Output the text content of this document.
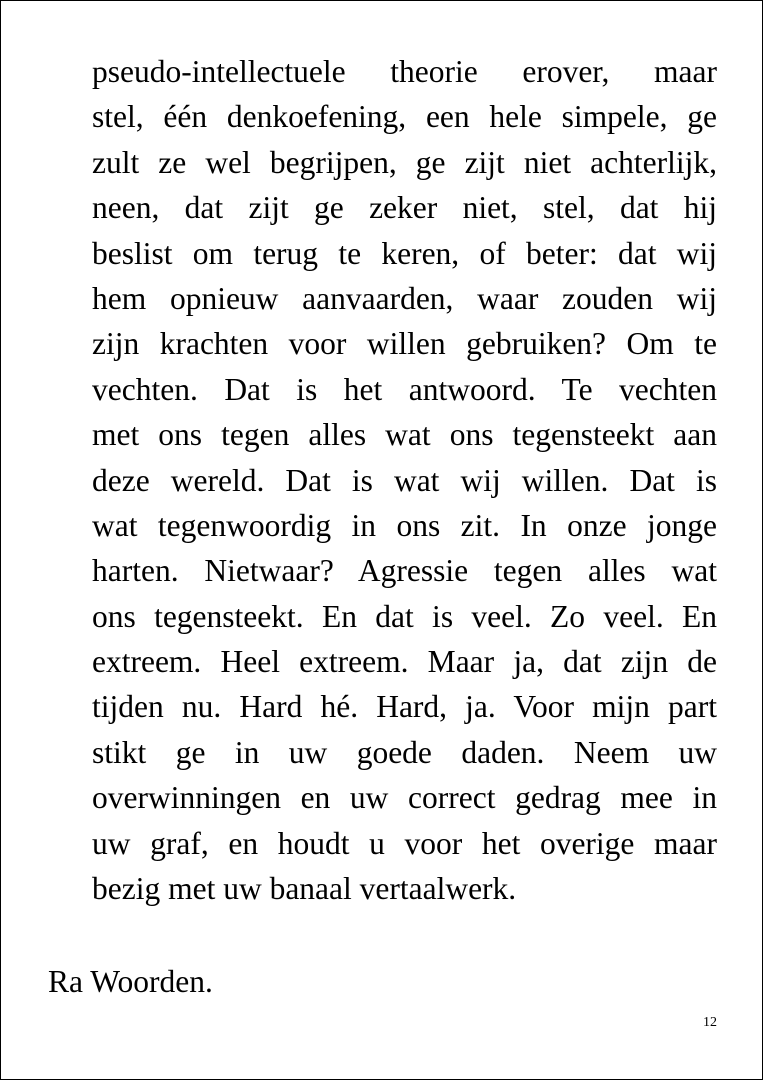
pseudo-intellectuele theorie erover, maar
stel, één denkoefening, een hele simpele, ge
zult ze wel begrijpen, ge zijt niet achterlijk,
neen, dat zijt ge zeker niet, stel, dat hij
beslist om terug te keren, of beter: dat wij
hem opnieuw aanvaarden, waar zouden wij
zijn krachten voor willen gebruiken? Om te
vechten. Dat is het antwoord. Te vechten
met ons tegen alles wat ons tegensteekt aan
deze wereld. Dat is wat wij willen. Dat is
wat tegenwoordig in ons zit. In onze jonge
harten. Nietwaar? Agressie tegen alles wat
ons tegensteekt. En dat is veel. Zo veel. En
extreem. Heel extreem. Maar ja, dat zijn de
tijden nu. Hard hé. Hard, ja. Voor mijn part
stikt ge in uw goede daden. Neem uw
overwinningen en uw correct gedrag mee in
uw graf, en houdt u voor het overige maar
bezig met uw banaal vertaalwerk.

Ra Woorden.

12
